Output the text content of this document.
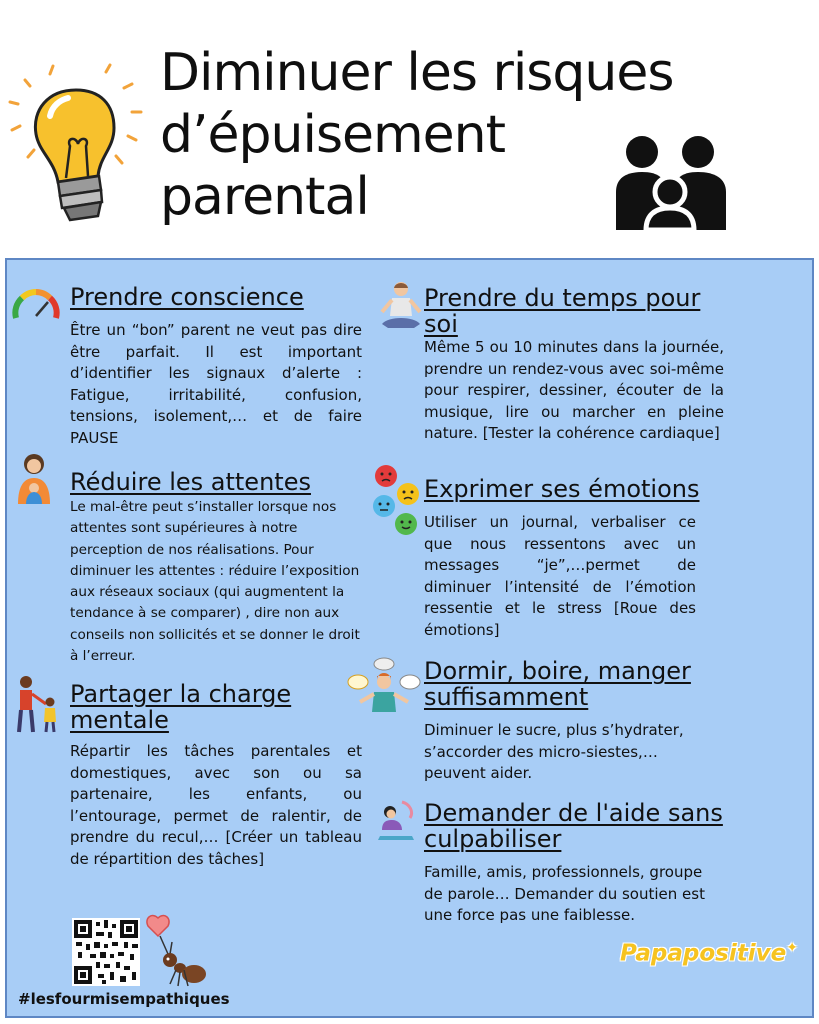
Diminuer les risques
d’épuisement
parental
Prendre conscience
Être un “bon” parent ne veut pas dire être parfait. Il est important d’identifier les signaux d’alerte : Fatigue, irritabilité, confusion, tensions, isolement,… et de faire PAUSE
Réduire les attentes
Le mal-être peut s’installer lorsque nos attentes sont supérieures à notre perception de nos réalisations. Pour diminuer les attentes : réduire l’exposition aux réseaux sociaux (qui augmentent la tendance à se comparer) , dire non aux conseils non sollicités et se donner le droit à l’erreur.
Partager la charge mentale
Répartir les tâches parentales et domestiques, avec son ou sa partenaire, les enfants, ou l’entourage, permet de ralentir, de prendre du recul,… [Créer un tableau de répartition des tâches]
Prendre du temps pour soi
Même 5 ou 10 minutes dans la journée, prendre un rendez-vous avec soi-même pour respirer, dessiner, écouter de la musique, lire ou marcher en pleine nature. [Tester la cohérence cardiaque]
Exprimer ses émotions
Utiliser un journal, verbaliser ce que nous ressentons avec un messages “je”,…permet de diminuer l’intensité de l’émotion ressentie et le stress [Roue des émotions]
Dormir, boire, manger suffisamment
Diminuer le sucre, plus s’hydrater, s’accorder des micro-siestes,… peuvent aider.
Demander de l'aide sans culpabiliser
Famille, amis, professionnels, groupe de parole… Demander du soutien est une force pas une faiblesse.
#lesfourmisempathiques
Papapositive✦
